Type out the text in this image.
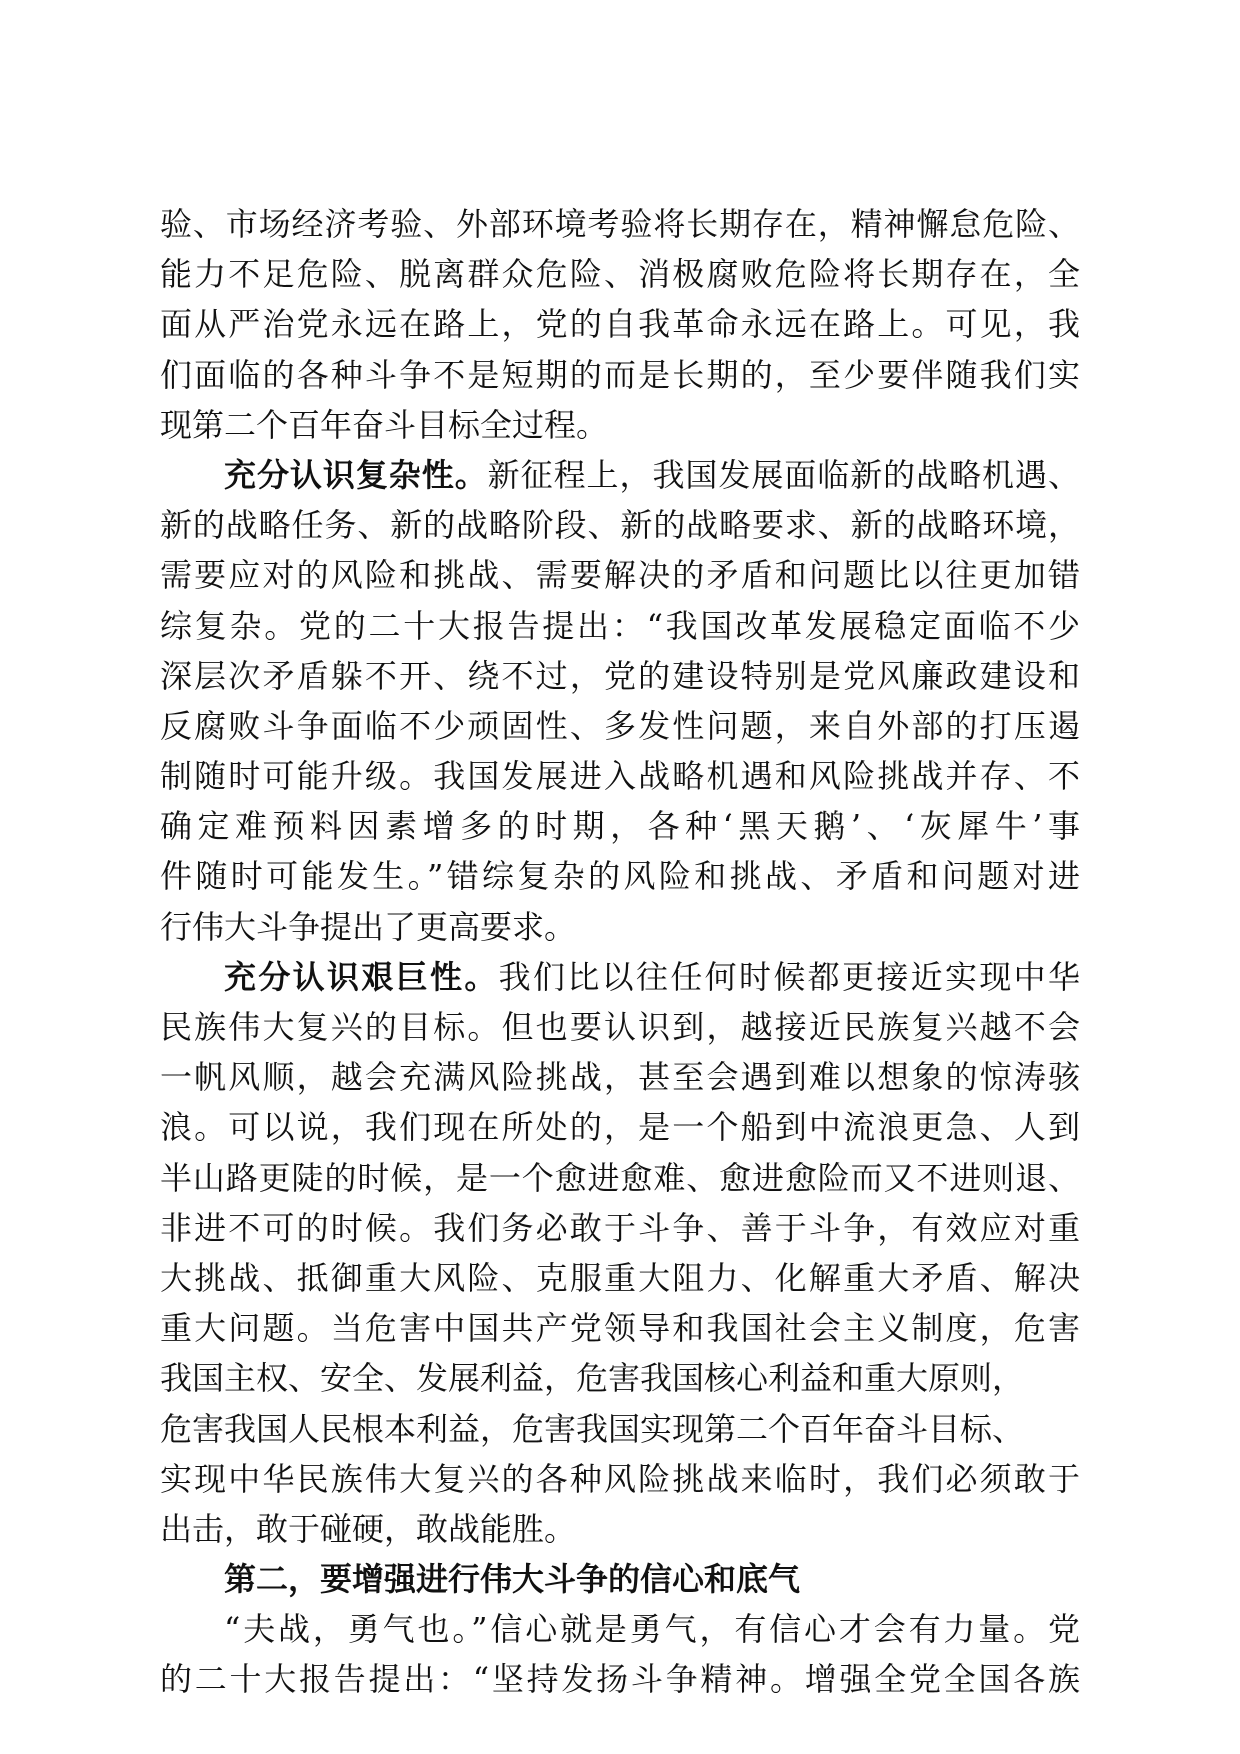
验、市场经济考验、外部环境考验将长期存在，精神懈怠危险、
能力不足危险、脱离群众危险、消极腐败危险将长期存在，全
面从严治党永远在路上，党的自我革命永远在路上。可见，我
们面临的各种斗争不是短期的而是长期的，至少要伴随我们实
现第二个百年奋斗目标全过程。
充分认识复杂性。新征程上，我国发展面临新的战略机遇、
新的战略任务、新的战略阶段、新的战略要求、新的战略环境，
需要应对的风险和挑战、需要解决的矛盾和问题比以往更加错
综复杂。党的二十大报告提出：“我国改革发展稳定面临不少
深层次矛盾躲不开、绕不过，党的建设特别是党风廉政建设和
反腐败斗争面临不少顽固性、多发性问题，来自外部的打压遏
制随时可能升级。我国发展进入战略机遇和风险挑战并存、不
确定难预料因素增多的时期，各种‘黑天鹅’、‘灰犀牛’事
件随时可能发生。”错综复杂的风险和挑战、矛盾和问题对进
行伟大斗争提出了更高要求。
充分认识艰巨性。我们比以往任何时候都更接近实现中华
民族伟大复兴的目标。但也要认识到，越接近民族复兴越不会
一帆风顺，越会充满风险挑战，甚至会遇到难以想象的惊涛骇
浪。可以说，我们现在所处的，是一个船到中流浪更急、人到
半山路更陡的时候，是一个愈进愈难、愈进愈险而又不进则退、
非进不可的时候。我们务必敢于斗争、善于斗争，有效应对重
大挑战、抵御重大风险、克服重大阻力、化解重大矛盾、解决
重大问题。当危害中国共产党领导和我国社会主义制度，危害
我国主权、安全、发展利益，危害我国核心利益和重大原则，
危害我国人民根本利益，危害我国实现第二个百年奋斗目标、
实现中华民族伟大复兴的各种风险挑战来临时，我们必须敢于
出击，敢于碰硬，敢战能胜。
第二，要增强进行伟大斗争的信心和底气
“夫战，勇气也。”信心就是勇气，有信心才会有力量。党
的二十大报告提出：“坚持发扬斗争精神。增强全党全国各族
